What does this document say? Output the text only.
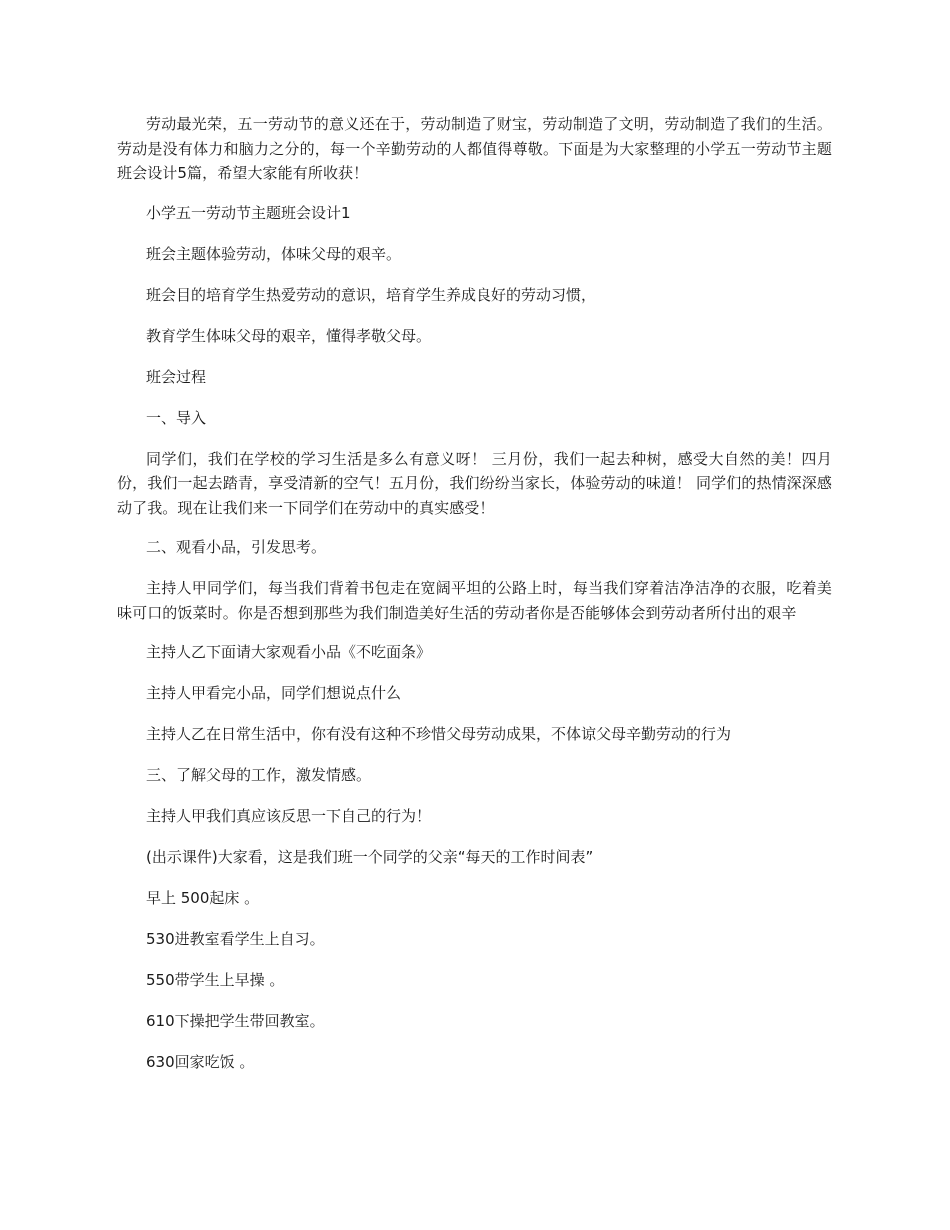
劳动最光荣，五一劳动节的意义还在于，劳动制造了财宝，劳动制造了文明，劳动制造了我们的生活。劳动是没有体力和脑力之分的，每一个辛勤劳动的人都值得尊敬。下面是为大家整理的小学五一劳动节主题班会设计5篇，希望大家能有所收获！

小学五一劳动节主题班会设计1

班会主题体验劳动，体味父母的艰辛。

班会目的培育学生热爱劳动的意识，培育学生养成良好的劳动习惯，

教育学生体味父母的艰辛，懂得孝敬父母。

班会过程

一、导入

同学们，我们在学校的学习生活是多么有意义呀！ 三月份，我们一起去种树，感受大自然的美！四月份，我们一起去踏青，享受清新的空气！五月份，我们纷纷当家长，体验劳动的味道！ 同学们的热情深深感动了我。现在让我们来一下同学们在劳动中的真实感受！

二、观看小品，引发思考。

主持人甲同学们，每当我们背着书包走在宽阔平坦的公路上时，每当我们穿着洁净洁净的衣服，吃着美味可口的饭菜时。你是否想到那些为我们制造美好生活的劳动者你是否能够体会到劳动者所付出的艰辛

主持人乙下面请大家观看小品《不吃面条》

主持人甲看完小品，同学们想说点什么

主持人乙在日常生活中，你有没有这种不珍惜父母劳动成果，不体谅父母辛勤劳动的行为

三、了解父母的工作，激发情感。

主持人甲我们真应该反思一下自己的行为！

(出示课件)大家看，这是我们班一个同学的父亲“每天的工作时间表”

早上 500起床 。

530进教室看学生上自习。

550带学生上早操 。

610下操把学生带回教室。

630回家吃饭 。
